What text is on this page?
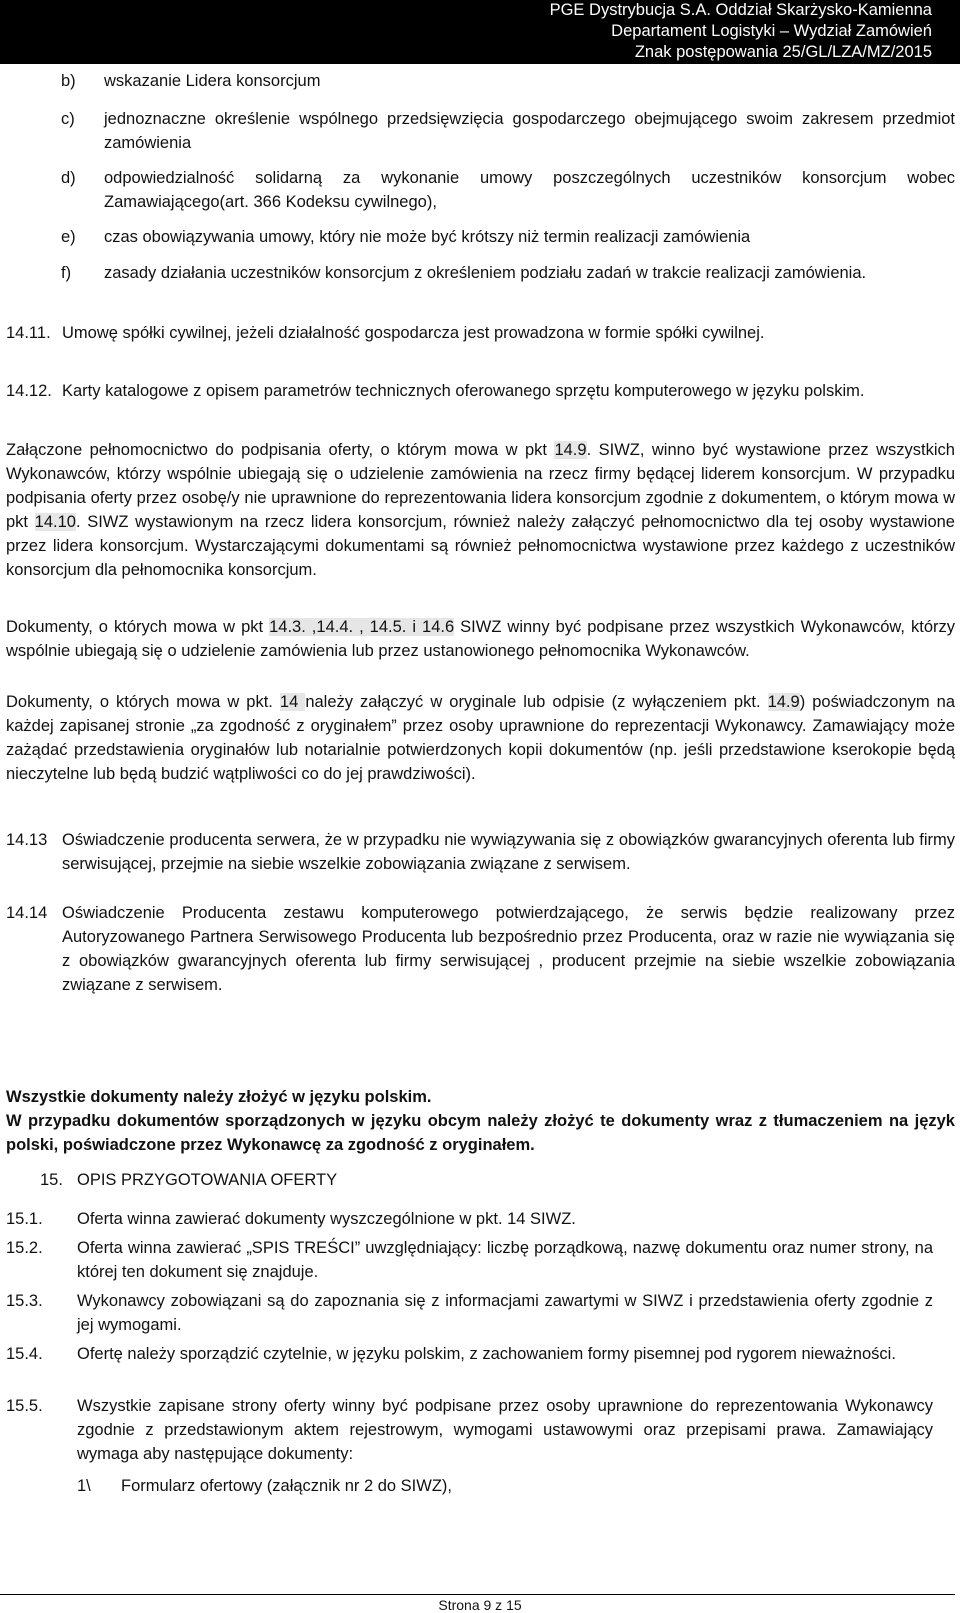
PGE Dystrybucja S.A. Oddział Skarżysko-Kamienna
Departament Logistyki – Wydział Zamówień
Znak postępowania 25/GL/LZA/MZ/2015
b) wskazanie Lidera konsorcjum
c) jednoznaczne określenie wspólnego przedsięwzięcia gospodarczego obejmującego swoim zakresem przedmiot zamówienia
d) odpowiedzialność solidarną za wykonanie umowy poszczególnych uczestników konsorcjum wobec Zamawiającego(art. 366 Kodeksu cywilnego),
e) czas obowiązywania umowy, który nie może być krótszy niż termin realizacji zamówienia
f) zasady działania uczestników konsorcjum z określeniem podziału zadań w trakcie realizacji zamówienia.
14.11. Umowę spółki cywilnej, jeżeli działalność gospodarcza jest prowadzona w formie spółki cywilnej.
14.12. Karty katalogowe z opisem parametrów technicznych oferowanego sprzętu komputerowego w języku polskim.
Załączone pełnomocnictwo do podpisania oferty, o którym mowa w pkt 14.9. SIWZ, winno być wystawione przez wszystkich Wykonawców, którzy wspólnie ubiegają się o udzielenie zamówienia na rzecz firmy będącej liderem konsorcjum. W przypadku podpisania oferty przez osobę/y nie uprawnione do reprezentowania lidera konsorcjum zgodnie z dokumentem, o którym mowa w pkt 14.10. SIWZ wystawionym na rzecz lidera konsorcjum, również należy załączyć pełnomocnictwo dla tej osoby wystawione przez lidera konsorcjum. Wystarczającymi dokumentami są również pełnomocnictwa wystawione przez każdego z uczestników konsorcjum dla pełnomocnika konsorcjum.
Dokumenty, o których mowa w pkt 14.3. ,14.4. , 14.5. i 14.6 SIWZ winny być podpisane przez wszystkich Wykonawców, którzy wspólnie ubiegają się o udzielenie zamówienia lub przez ustanowionego pełnomocnika Wykonawców.
Dokumenty, o których mowa w pkt. 14 należy załączyć w oryginale lub odpisie (z wyłączeniem pkt. 14.9) poświadczonym na każdej zapisanej stronie „za zgodność z oryginałem” przez osoby uprawnione do reprezentacji Wykonawcy. Zamawiający może zażądać przedstawienia oryginałów lub notarialnie potwierdzonych kopii dokumentów (np. jeśli przedstawione kserokopie będą nieczytelne lub będą budzić wątpliwości co do jej prawdziwości).
14.13 Oświadczenie producenta serwera, że w przypadku nie wywiązywania się z obowiązków gwarancyjnych oferenta lub firmy serwisującej, przejmie na siebie wszelkie zobowiązania związane z serwisem.
14.14 Oświadczenie Producenta zestawu komputerowego potwierdzającego, że serwis będzie realizowany przez Autoryzowanego Partnera Serwisowego Producenta lub bezpośrednio przez Producenta, oraz w razie nie wywiązania się z obowiązków gwarancyjnych oferenta lub firmy serwisującej , producent przejmie na siebie wszelkie zobowiązania związane z serwisem.
Wszystkie dokumenty należy złożyć w języku polskim.
W przypadku dokumentów sporządzonych w języku obcym należy złożyć te dokumenty wraz z tłumaczeniem na język polski, poświadczone przez Wykonawcę za zgodność z oryginałem.
15. OPIS PRZYGOTOWANIA OFERTY
15.1. Oferta winna zawierać dokumenty wyszczególnione w pkt. 14 SIWZ.
15.2. Oferta winna zawierać „SPIS TREŚCI” uwzględniający: liczbę porządkową, nazwę dokumentu oraz numer strony, na której ten dokument się znajduje.
15.3. Wykonawcy zobowiązani są do zapoznania się z informacjami zawartymi w SIWZ i przedstawienia oferty zgodnie z jej wymogami.
15.4. Ofertę należy sporządzić czytelnie, w języku polskim, z zachowaniem formy pisemnej pod rygorem nieważności.
15.5. Wszystkie zapisane strony oferty winny być podpisane przez osoby uprawnione do reprezentowania Wykonawcy zgodnie z przedstawionym aktem rejestrowym, wymogami ustawowymi oraz przepisami prawa. Zamawiający wymaga aby następujące dokumenty:
1\ Formularz ofertowy (załącznik nr 2 do SIWZ),
Strona 9 z 15
